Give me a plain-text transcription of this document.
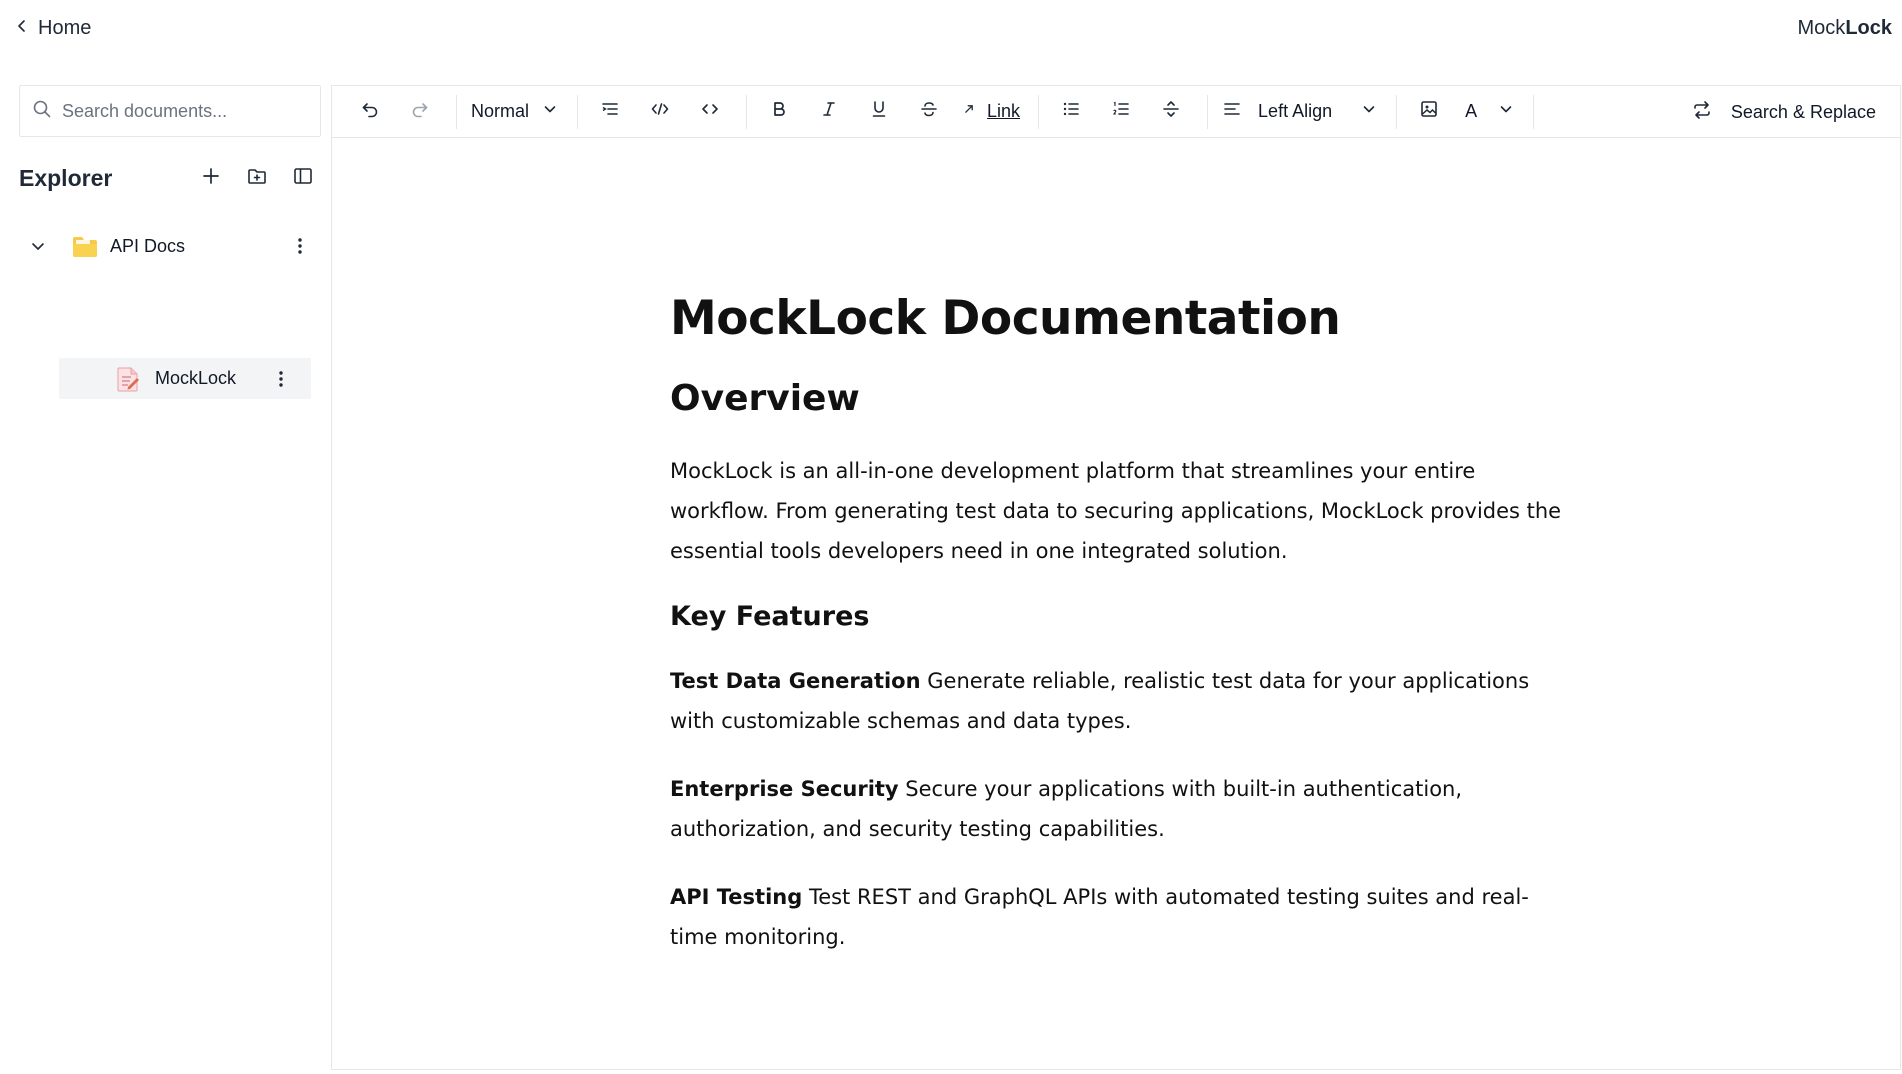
Home	MockLock
Search documents...
Explorer
API Docs
MockLock
Normal	Link	Left Align	A	Search & Replace
MockLock Documentation
Overview

MockLock is an all-in-one development platform that streamlines your entire workflow. From generating test data to securing applications, MockLock provides the essential tools developers need in one integrated solution.

Key Features

Test Data Generation Generate reliable, realistic test data for your applications with customizable schemas and data types.

Enterprise Security Secure your applications with built-in authentication, authorization, and security testing capabilities.

API Testing Test REST and GraphQL APIs with automated testing suites and real-time monitoring.
